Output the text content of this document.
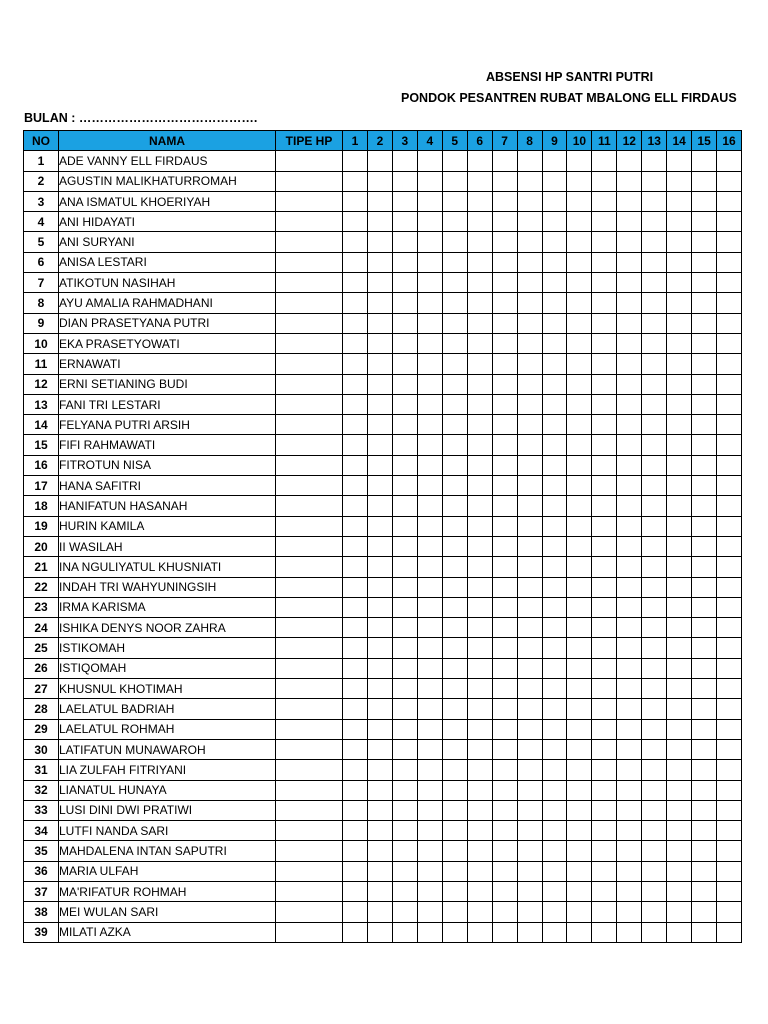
ABSENSI HP SANTRI PUTRI
PONDOK PESANTREN RUBAT MBALONG ELL FIRDAUS
BULAN : …………………………………….
NO	NAMA	TIPE HP	1	2	3	4	5	6	7	8	9	10	11	12	13	14	15	16
1	ADE VANNY ELL FIRDAUS																	
2	AGUSTIN MALIKHATURROMAH																	
3	ANA ISMATUL KHOERIYAH																	
4	ANI HIDAYATI																	
5	ANI SURYANI																	
6	ANISA LESTARI																	
7	ATIKOTUN NASIHAH																	
8	AYU AMALIA RAHMADHANI																	
9	DIAN PRASETYANA PUTRI																	
10	EKA PRASETYOWATI																	
11	ERNAWATI																	
12	ERNI SETIANING BUDI																	
13	FANI TRI LESTARI																	
14	FELYANA PUTRI ARSIH																	
15	FIFI RAHMAWATI																	
16	FITROTUN NISA																	
17	HANA SAFITRI																	
18	HANIFATUN HASANAH																	
19	HURIN KAMILA																	
20	II WASILAH																	
21	INA NGULIYATUL KHUSNIATI																	
22	INDAH TRI WAHYUNINGSIH																	
23	IRMA KARISMA																	
24	ISHIKA DENYS NOOR ZAHRA																	
25	ISTIKOMAH																	
26	ISTIQOMAH																	
27	KHUSNUL KHOTIMAH																	
28	LAELATUL BADRIAH																	
29	LAELATUL ROHMAH																	
30	LATIFATUN MUNAWAROH																	
31	LIA ZULFAH FITRIYANI																	
32	LIANATUL HUNAYA																	
33	LUSI DINI DWI PRATIWI																	
34	LUTFI NANDA SARI																	
35	MAHDALENA INTAN SAPUTRI																	
36	MARIA ULFAH																	
37	MA'RIFATUR ROHMAH																	
38	MEI WULAN SARI																	
39	MILATI AZKA																	
